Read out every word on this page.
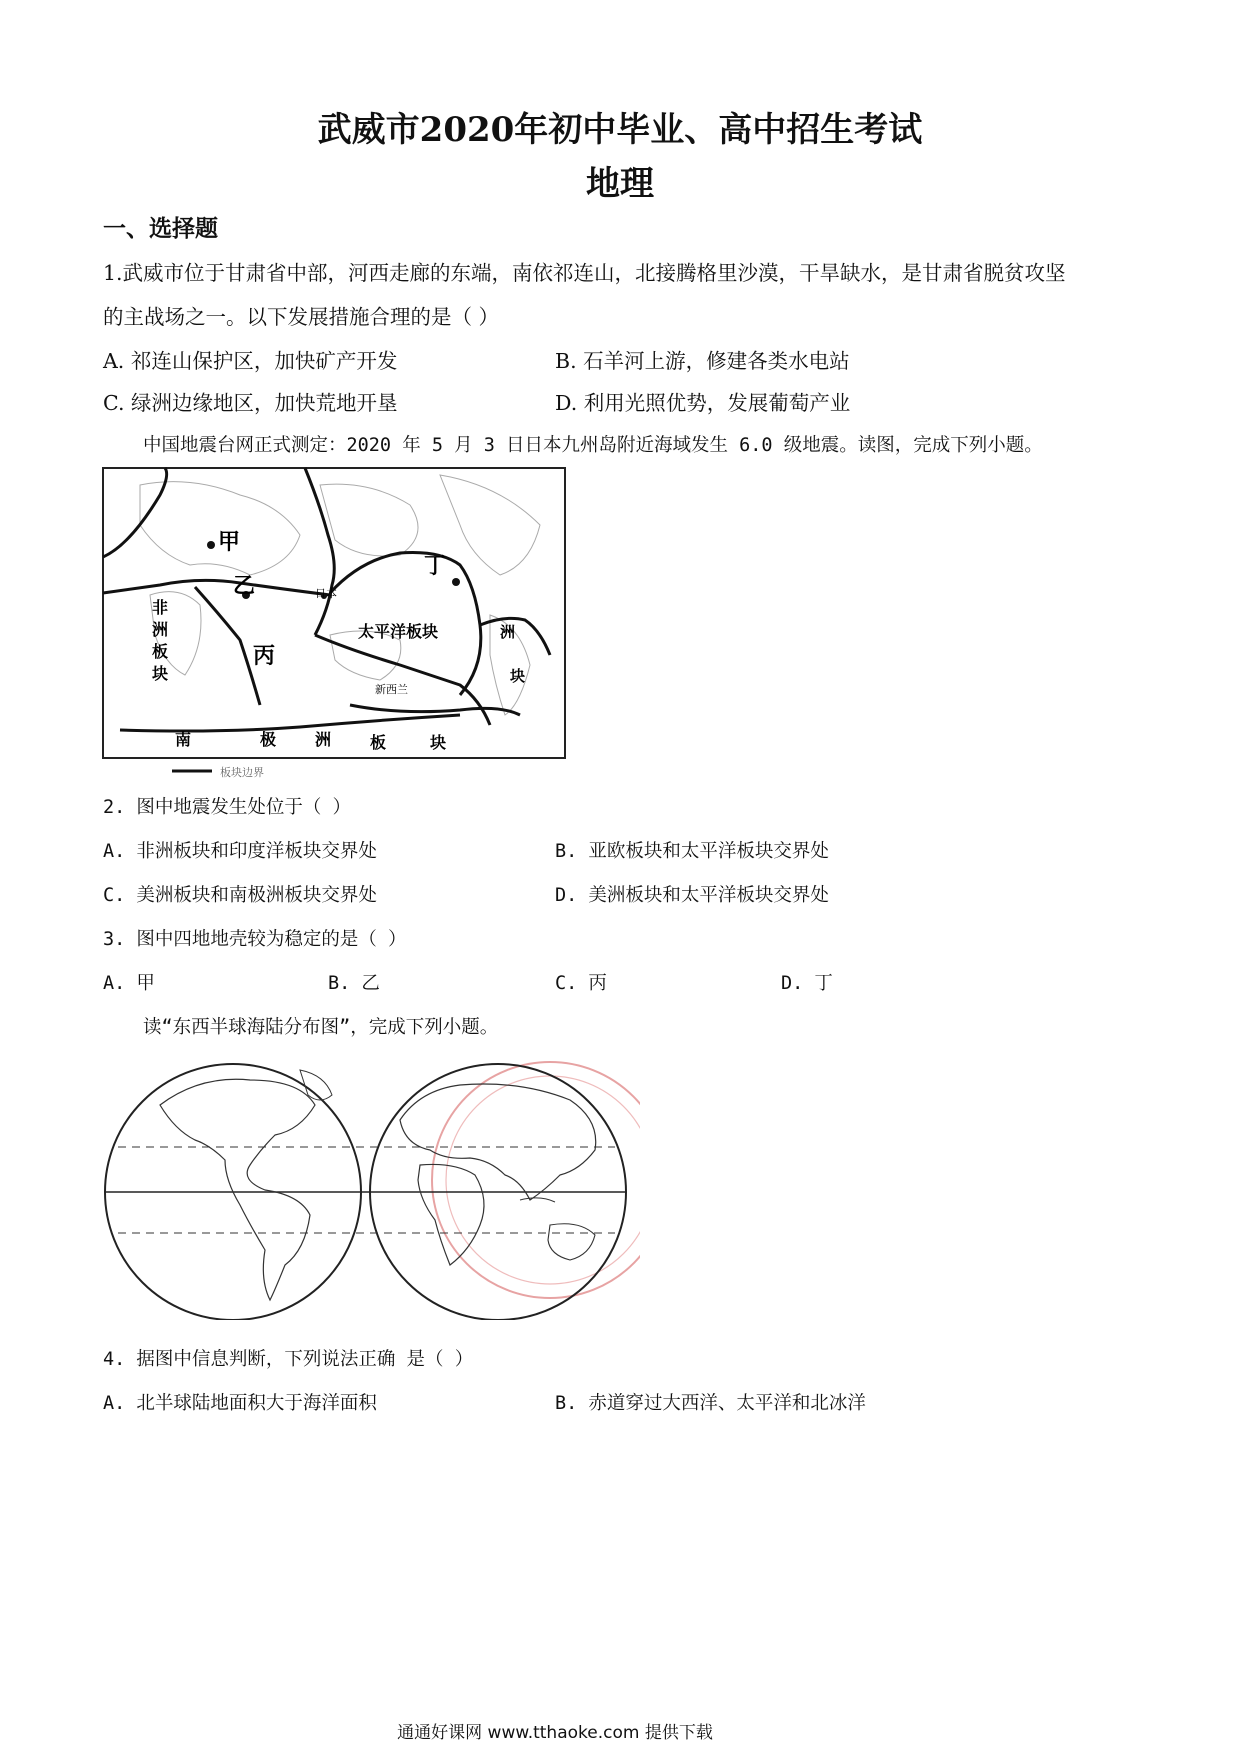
武威市2020年初中毕业、高中招生考试
地理
一、选择题
1.武威市位于甘肃省中部，河西走廊的东端，南依祁连山，北接腾格里沙漠，干旱缺水，是甘肃省脱贫攻坚
的主战场之一。以下发展措施合理的是（ ）
A. 祁连山保护区，加快矿产开发	B. 石羊河上游，修建各类水电站
C. 绿洲边缘地区，加快荒地开垦	D. 利用光照优势，发展葡萄产业
中国地震台网正式测定：2020 年 5 月 3 日日本九州岛附近海域发生 6.0 级地震。读图，完成下列小题。
甲
乙
丙
丁
非
洲
板
块
太平洋板块	洲
块
南	极 洲 板	块
日本
新西兰
板块边界
2. 图中地震发生处位于（ ）
A. 非洲板块和印度洋板块交界处	B. 亚欧板块和太平洋板块交界处
C. 美洲板块和南极洲板块交界处	D. 美洲板块和太平洋板块交界处
3. 图中四地地壳较为稳定的是（ ）
A. 甲	B. 乙	C. 丙	D. 丁
读“东西半球海陆分布图”，完成下列小题。
4. 据图中信息判断，下列说法正确 是（ ）
A. 北半球陆地面积大于海洋面积	B. 赤道穿过大西洋、太平洋和北冰洋
通通好课网 www.tthaoke.com 提供下载
